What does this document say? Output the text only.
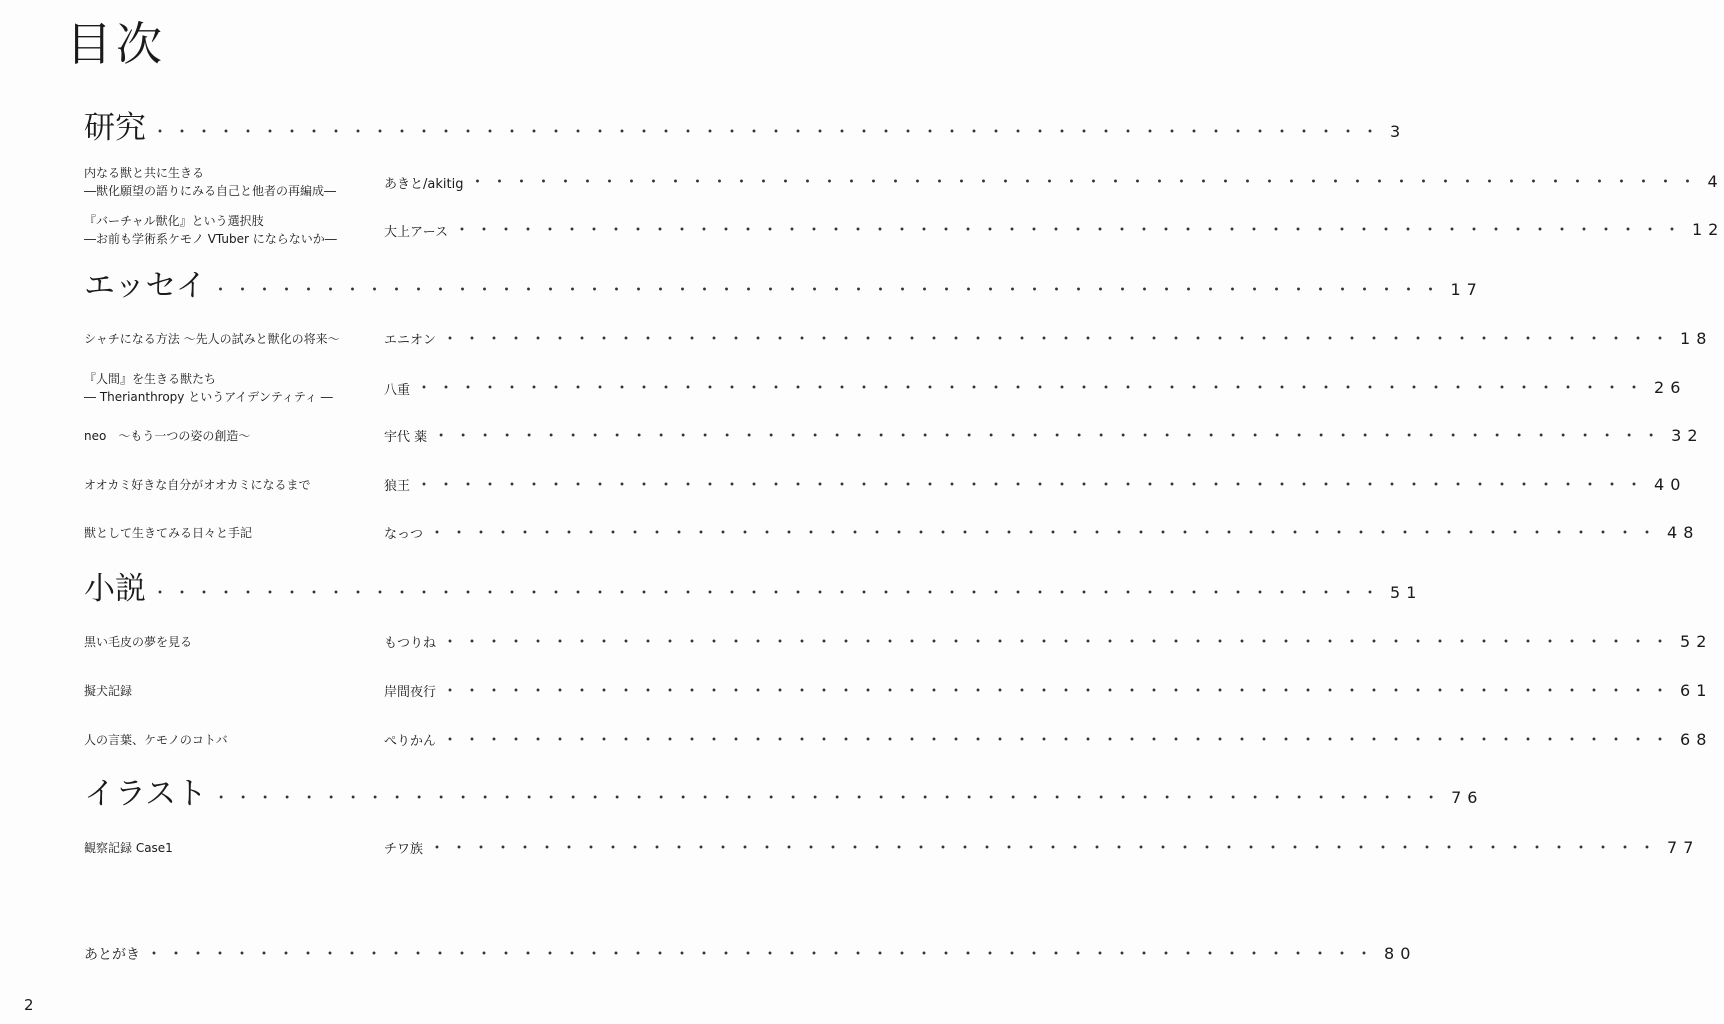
目次
研究 ・・・・・・・・・・・・・・・・・・・・・・・・・・・・・・・・・・・・・・・・・・・・・・・・・・・・・・・・ 3
内なる獣と共に生きる
―獣化願望の語りにみる自己と他者の再編成―	あきと/akitig ・・・・・・・・・・・・・・・・・・・・・・・・・・・・・・・・・・・・・・・・・・・・・・・・・・・・・・・・ 4
『バーチャル獣化』という選択肢
―お前も学術系ケモノ VTuber にならないか―	大上アース ・・・・・・・・・・・・・・・・・・・・・・・・・・・・・・・・・・・・・・・・・・・・・・・・・・・・・・・・ 12
エッセイ ・・・・・・・・・・・・・・・・・・・・・・・・・・・・・・・・・・・・・・・・・・・・・・・・・・・・・・・・ 17
シャチになる方法 ～先人の試みと獣化の将来～	エニオン ・・・・・・・・・・・・・・・・・・・・・・・・・・・・・・・・・・・・・・・・・・・・・・・・・・・・・・・・ 18
『人間』を生きる獣たち
― Therianthropy というアイデンティティ ―	八重 ・・・・・・・・・・・・・・・・・・・・・・・・・・・・・・・・・・・・・・・・・・・・・・・・・・・・・・・・ 26
neo　～もう一つの姿の創造～	宇代 薬 ・・・・・・・・・・・・・・・・・・・・・・・・・・・・・・・・・・・・・・・・・・・・・・・・・・・・・・・・ 32
オオカミ好きな自分がオオカミになるまで	狼王 ・・・・・・・・・・・・・・・・・・・・・・・・・・・・・・・・・・・・・・・・・・・・・・・・・・・・・・・・ 40
獣として生きてみる日々と手記	なっつ ・・・・・・・・・・・・・・・・・・・・・・・・・・・・・・・・・・・・・・・・・・・・・・・・・・・・・・・・ 48
小説 ・・・・・・・・・・・・・・・・・・・・・・・・・・・・・・・・・・・・・・・・・・・・・・・・・・・・・・・・ 51
黒い毛皮の夢を見る	もつりね ・・・・・・・・・・・・・・・・・・・・・・・・・・・・・・・・・・・・・・・・・・・・・・・・・・・・・・・・ 52
擬犬記録	岸間夜行 ・・・・・・・・・・・・・・・・・・・・・・・・・・・・・・・・・・・・・・・・・・・・・・・・・・・・・・・・ 61
人の言葉、ケモノのコトバ	ぺりかん ・・・・・・・・・・・・・・・・・・・・・・・・・・・・・・・・・・・・・・・・・・・・・・・・・・・・・・・・ 68
イラスト ・・・・・・・・・・・・・・・・・・・・・・・・・・・・・・・・・・・・・・・・・・・・・・・・・・・・・・・・ 76
観察記録 Case1	チワ族 ・・・・・・・・・・・・・・・・・・・・・・・・・・・・・・・・・・・・・・・・・・・・・・・・・・・・・・・・ 77
あとがき ・・・・・・・・・・・・・・・・・・・・・・・・・・・・・・・・・・・・・・・・・・・・・・・・・・・・・・・・ 80
2
